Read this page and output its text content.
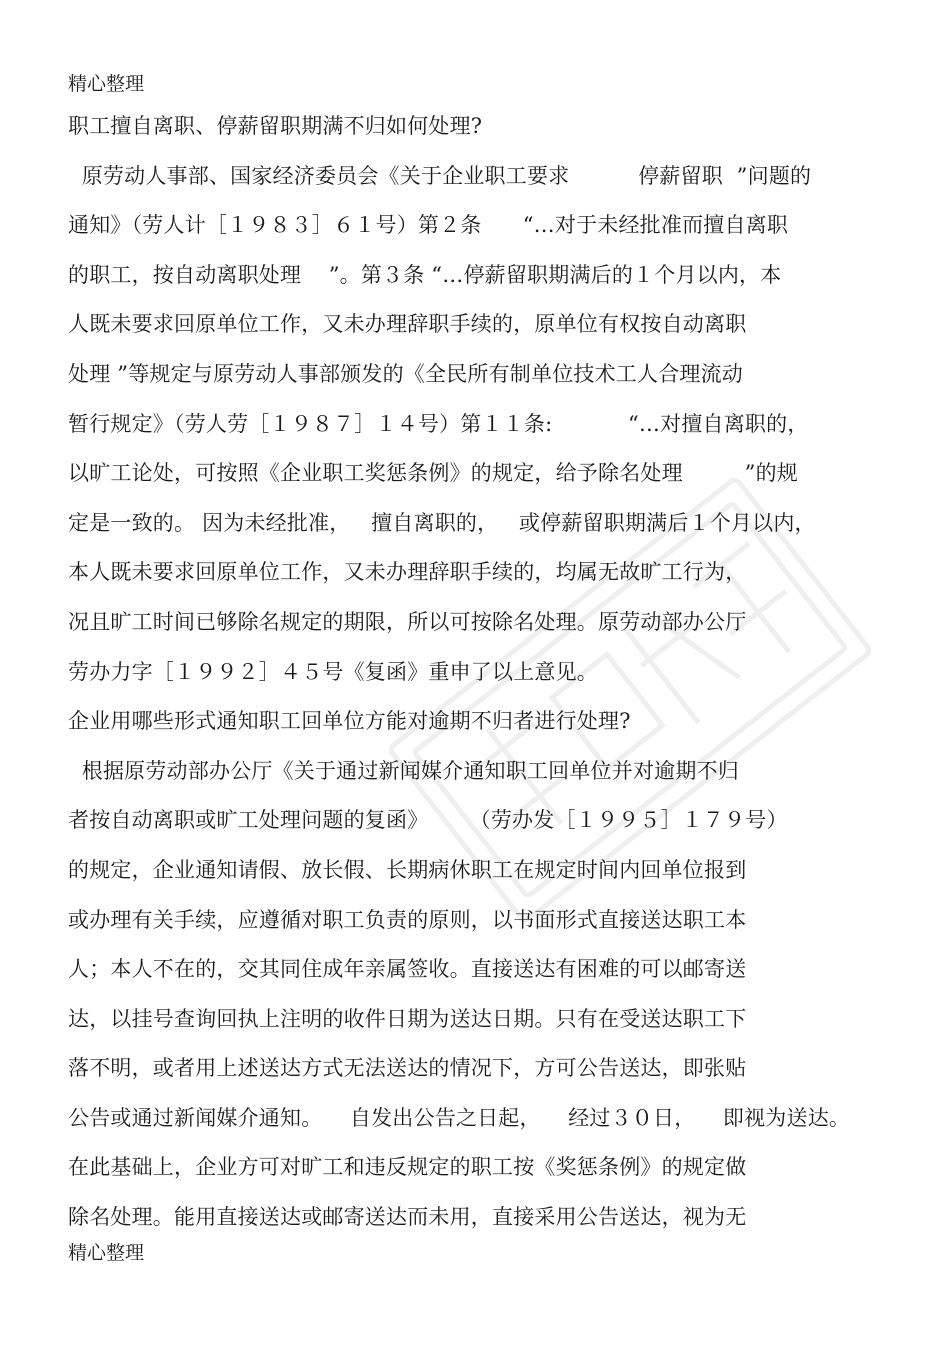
精心整理
职工擅自离职、停薪留职期满不归如何处理?
原劳动人事部、国家经济委员会《关于企业职工要求          停薪留职  ”问题的
通知》（劳人计［１９８３］６１号）第２条      “…对于未经批准而擅自离职
的职工，按自动离职处理    ”。第３条 “…停薪留职期满后的１个月以内，本
人既未要求回原单位工作，又未办理辞职手续的，原单位有权按自动离职
处理 ”等规定与原劳动人事部颁发的《全民所有制单位技术工人合理流动
暂行规定》（劳人劳［１９８７］１４号）第１１条:           “…对擅自离职的，
以旷工论处，可按照《企业职工奖惩条例》的规定，给予除名处理         ”的规
定是一致的。 因为未经批准，   擅自离职的，   或停薪留职期满后１个月以内，
本人既未要求回原单位工作，又未办理辞职手续的，均属无故旷工行为，
况且旷工时间已够除名规定的期限，所以可按除名处理。原劳动部办公厅
劳办力字［１９９２］４５号《复函》重申了以上意见。
企业用哪些形式通知职工回单位方能对逾期不归者进行处理?
根据原劳动部办公厅《关于通过新闻媒介通知职工回单位并对逾期不归
者按自动离职或旷工处理问题的复函》      （劳办发［１９９５］１７９号）
的规定，企业通知请假、放长假、长期病休职工在规定时间内回单位报到
或办理有关手续，应遵循对职工负责的原则，以书面形式直接送达职工本
人；本人不在的，交其同住成年亲属签收。直接送达有困难的可以邮寄送
达，以挂号查询回执上注明的收件日期为送达日期。只有在受送达职工下
落不明，或者用上述送达方式无法送达的情况下，方可公告送达，即张贴
公告或通过新闻媒介通知。    自发出公告之日起，    经过３０日，    即视为送达。
在此基础上，企业方可对旷工和违反规定的职工按《奖惩条例》的规定做
除名处理。能用直接送达或邮寄送达而未用，直接采用公告送达，视为无
精心整理
